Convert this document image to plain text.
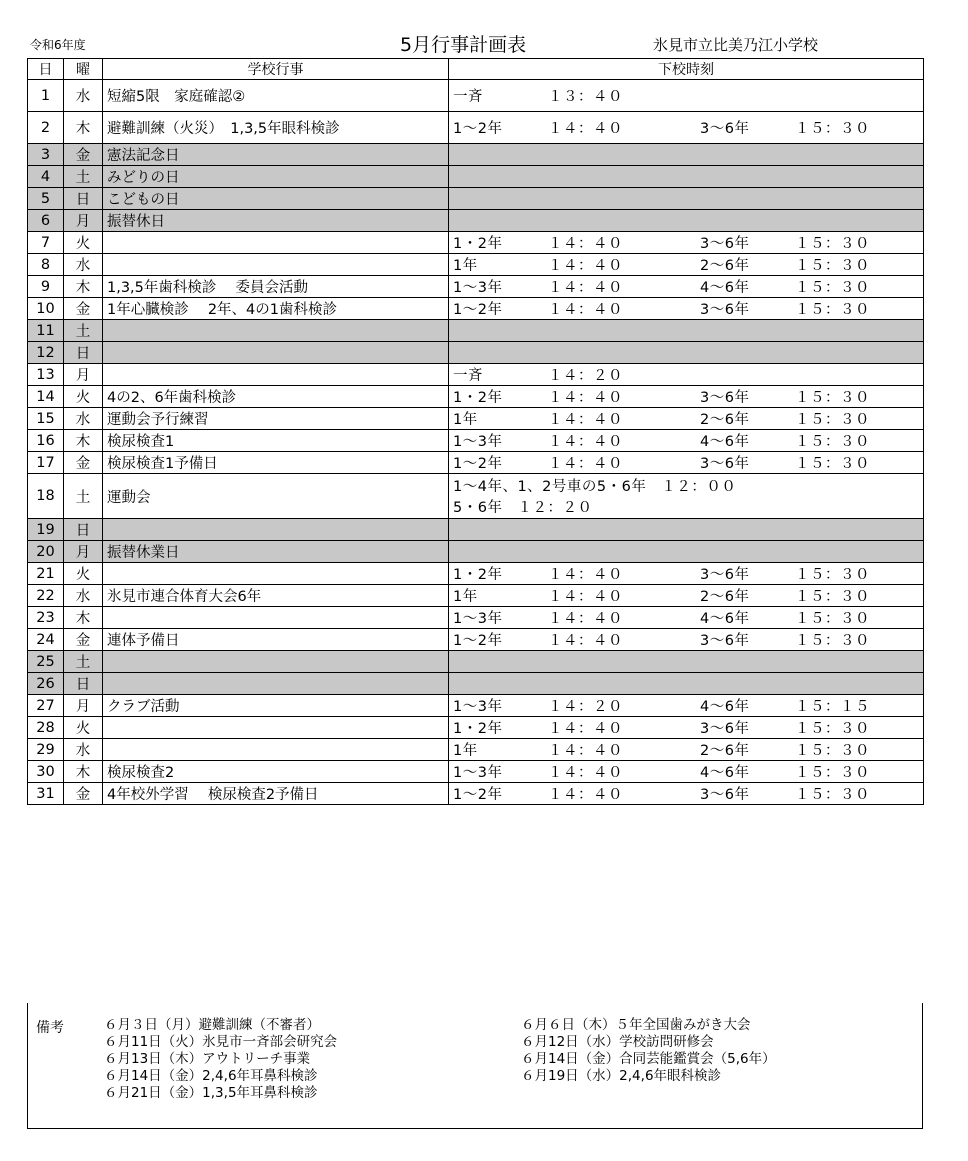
令和6年度	5月行事計画表	氷見市立比美乃江小学校
日	曜	学校行事	下校時刻
1	水	短縮5限　家庭確認②	一斉 １３：４０
2	木	避難訓練（火災）　1,3,5年眼科検診	1～2年 １４：４０ 3～6年 １５：３０
3	金	憲法記念日	
4	土	みどりの日	
5	日	こどもの日	
6	月	振替休日	
7	火		1・2年 １４：４０ 3～6年 １５：３０
8	水		1年 １４：４０ 2～6年 １５：３０
9	木	1,3,5年歯科検診　 委員会活動	1～3年 １４：４０ 4～6年 １５：３０
10	金	1年心臓検診　 2年、4の1歯科検診	1～2年 １４：４０ 3～6年 １５：３０
11	土		
12	日		
13	月		一斉 １４：２０
14	火	4の2、6年歯科検診	1・2年 １４：４０ 3～6年 １５：３０
15	水	運動会予行練習	1年 １４：４０ 2～6年 １５：３０
16	木	検尿検査1	1～3年 １４：４０ 4～6年 １５：３０
17	金	検尿検査1予備日	1～2年 １４：４０ 3～6年 １５：３０
18	土	運動会	1～4年、1、2号車の5・6年　１２：００
5・6年　１２：２０

19	日		
20	月	振替休業日	
21	火		1・2年 １４：４０ 3～6年 １５：３０
22	水	氷見市連合体育大会6年	1年 １４：４０ 2～6年 １５：３０
23	木		1～3年 １４：４０ 4～6年 １５：３０
24	金	連体予備日	1～2年 １４：４０ 3～6年 １５：３０
25	土		
26	日		
27	月	クラブ活動	1～3年 １４：２０ 4～6年 １５：１５
28	火		1・2年 １４：４０ 3～6年 １５：３０
29	水		1年 １４：４０ 2～6年 １５：３０
30	木	検尿検査2	1～3年 １４：４０ 4～6年 １５：３０
31	金	4年校外学習　 検尿検査2予備日	1～2年 １４：４０ 3～6年 １５：３０
備考	６月３日（月）避難訓練（不審者）
６月11日（火）氷見市一斉部会研究会
６月13日（木）アウトリーチ事業
６月14日（金）2,4,6年耳鼻科検診
６月21日（金）1,3,5年耳鼻科検診
６月６日（木）５年全国歯みがき大会
６月12日（水）学校訪問研修会
６月14日（金）合同芸能鑑賞会（5,6年）
６月19日（水）2,4,6年眼科検診
